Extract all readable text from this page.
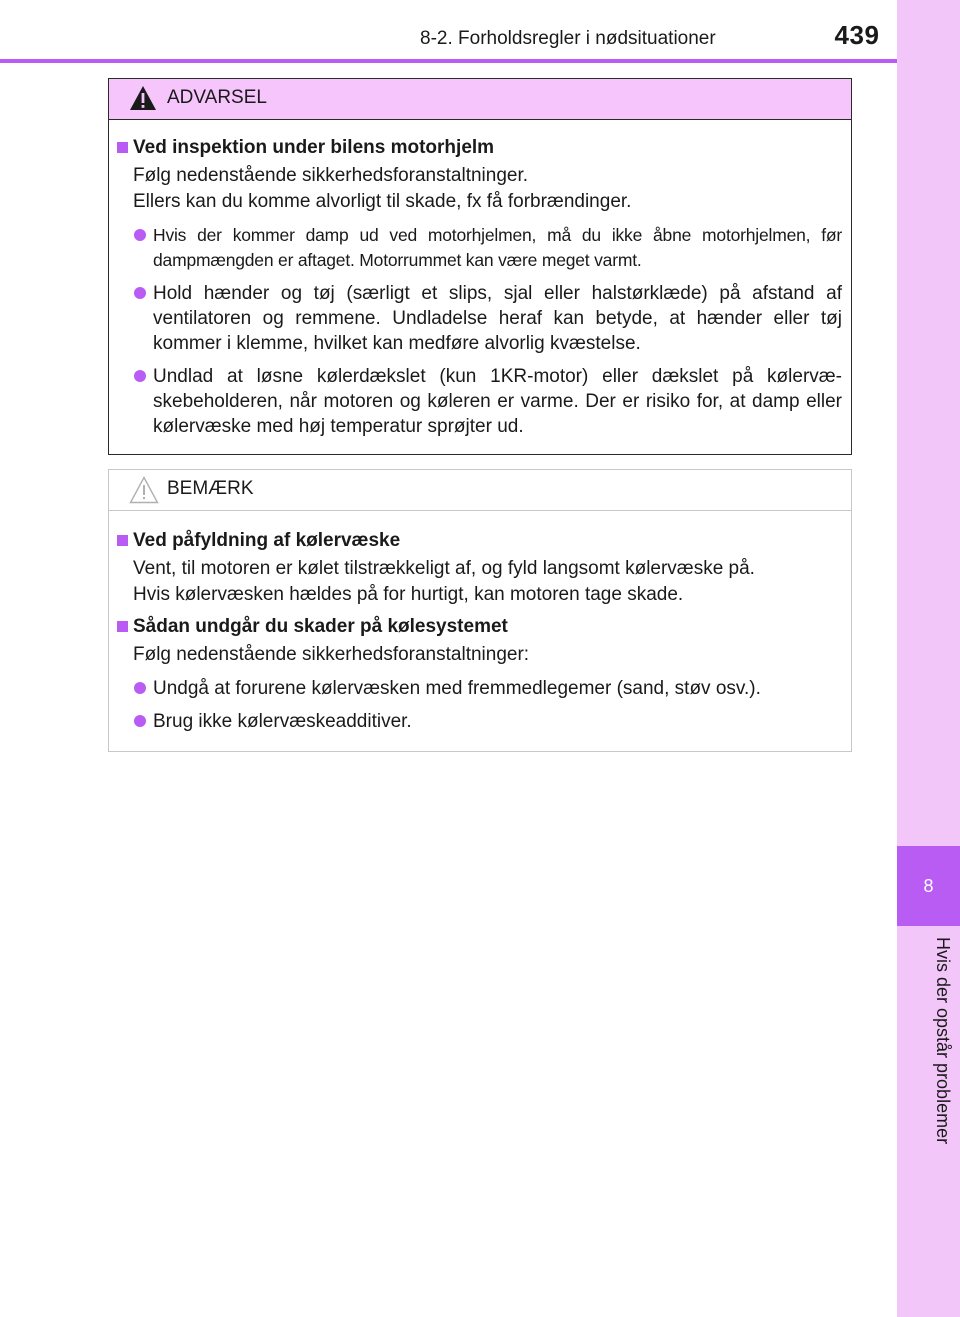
8-2. Forholdsregler i nødsituationer	439
8
Hvis der opstår problemer
ADVARSEL
Ved inspektion under bilens motorhjelm
Følg nedenstående sikkerhedsforanstaltninger.
Ellers kan du komme alvorligt til skade, fx få forbrændinger.
Hvis der kommer damp ud ved motorhjelmen, må du ikke åbne motorhjelmen, før dampmængden er aftaget. Motorrummet kan være meget varmt.
Hold hænder og tøj (særligt et slips, sjal eller halstørklæde) på afstand af ventilatoren og remmene. Undladelse heraf kan betyde, at hænder eller tøj kommer i klemme, hvilket kan medføre alvorlig kvæstelse.
Undlad at løsne kølerdækslet (kun 1KR-motor) eller dækslet på kølervæ-skebeholderen, når motoren og køleren er varme. Der er risiko for, at damp eller kølervæske med høj temperatur sprøjter ud.
BEMÆRK
Ved påfyldning af kølervæske
Vent, til motoren er kølet tilstrækkeligt af, og fyld langsomt kølervæske på.
Hvis kølervæsken hældes på for hurtigt, kan motoren tage skade.
Sådan undgår du skader på kølesystemet
Følg nedenstående sikkerhedsforanstaltninger:
Undgå at forurene kølervæsken med fremmedlegemer (sand, støv osv.).
Brug ikke kølervæskeadditiver.
